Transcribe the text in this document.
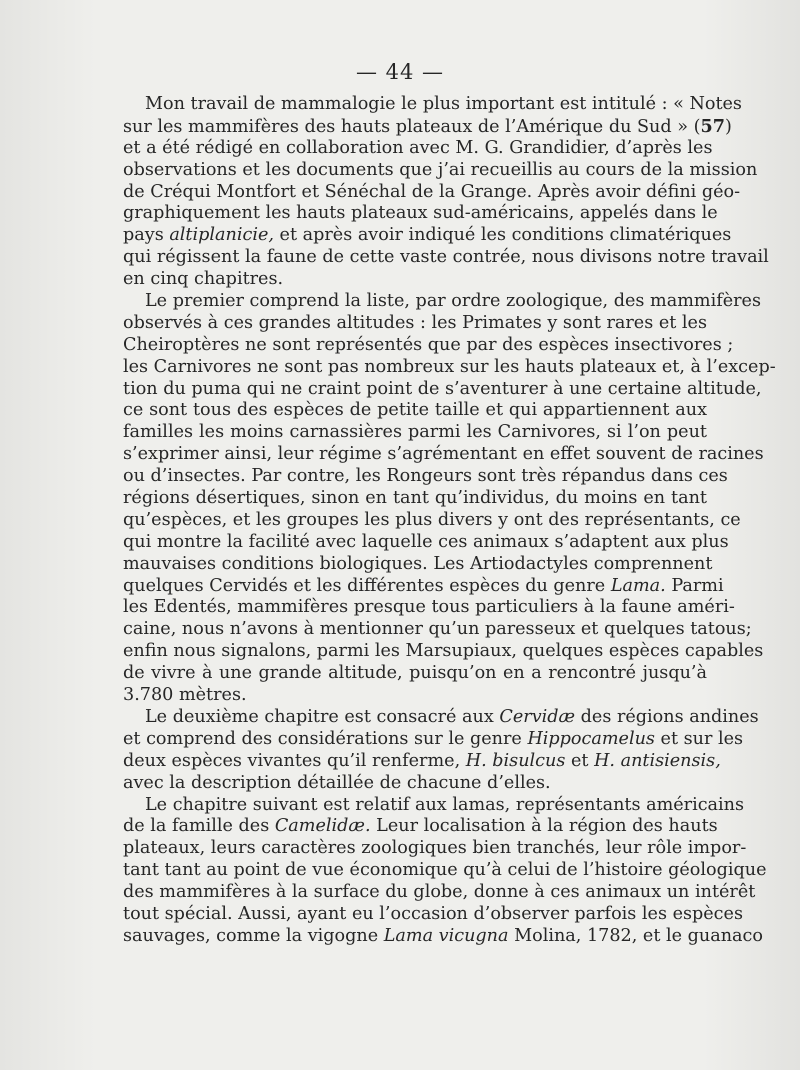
— 44 —
Mon travail de mammalogie le plus important est intitulé : « Notes
sur les mammifères des hauts plateaux de l’Amérique du Sud » (57)
et a été rédigé en collaboration avec M. G. Grandidier, d’après les
observations et les documents que j’ai recueillis au cours de la mission
de Créqui Montfort et Sénéchal de la Grange. Après avoir défini géo-
graphiquement les hauts plateaux sud-américains, appelés dans le
pays altiplanicie, et après avoir indiqué les conditions climatériques
qui régissent la faune de cette vaste contrée, nous divisons notre travail
en cinq chapitres.
Le premier comprend la liste, par ordre zoologique, des mammifères
observés à ces grandes altitudes : les Primates y sont rares et les
Cheiroptères ne sont représentés que par des espèces insectivores ;
les Carnivores ne sont pas nombreux sur les hauts plateaux et, à l’excep-
tion du puma qui ne craint point de s’aventurer à une certaine altitude,
ce sont tous des espèces de petite taille et qui appartiennent aux
familles les moins carnassières parmi les Carnivores, si l’on peut
s’exprimer ainsi, leur régime s’agrémentant en effet souvent de racines
ou d’insectes. Par contre, les Rongeurs sont très répandus dans ces
régions désertiques, sinon en tant qu’individus, du moins en tant
qu’espèces, et les groupes les plus divers y ont des représentants, ce
qui montre la facilité avec laquelle ces animaux s’adaptent aux plus
mauvaises conditions biologiques. Les Artiodactyles comprennent
quelques Cervidés et les différentes espèces du genre Lama. Parmi
les Edentés, mammifères presque tous particuliers à la faune améri-
caine, nous n’avons à mentionner qu’un paresseux et quelques tatous;
enfin nous signalons, parmi les Marsupiaux, quelques espèces capables
de vivre à une grande altitude, puisqu’on en a rencontré jusqu’à
3.780 mètres.
Le deuxième chapitre est consacré aux Cervidæ des régions andines
et comprend des considérations sur le genre Hippocamelus et sur les
deux espèces vivantes qu’il renferme, H. bisulcus et H. antisiensis,
avec la description détaillée de chacune d’elles.
Le chapitre suivant est relatif aux lamas, représentants américains
de la famille des Camelidæ. Leur localisation à la région des hauts
plateaux, leurs caractères zoologiques bien tranchés, leur rôle impor-
tant tant au point de vue économique qu’à celui de l’histoire géologique
des mammifères à la surface du globe, donne à ces animaux un intérêt
tout spécial. Aussi, ayant eu l’occasion d’observer parfois les espèces
sauvages, comme la vigogne Lama vicugna Molina, 1782, et le guanaco
